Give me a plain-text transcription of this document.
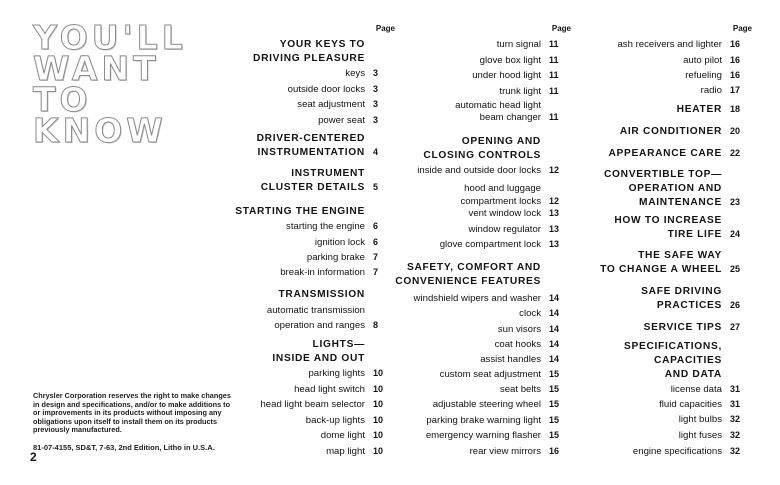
YOU'LL
WANT
TO
KNOW
Chrysler Corporation reserves the right to make changes in design and specifications, and/or to make additions to or improvements in its products without imposing any obligations upon itself to install them on its products previously manufactured.
81-07-4155, SD&T, 7-63, 2nd Edition, Litho in U.S.A.
2
Page	Page	Page
YOUR KEYS TO
DRIVING PLEASURE
keys 3
outside door locks 3
seat adjustment 3
power seat 3
DRIVER-CENTERED
INSTRUMENTATION 4
INSTRUMENT
CLUSTER DETAILS 5
STARTING THE ENGINE
starting the engine 6
ignition lock 6
parking brake 7
break-in information 7
TRANSMISSION
automatic transmission
operation and ranges 8
LIGHTS—
INSIDE AND OUT
parking lights 10
head light switch 10
head light beam selector 10
back-up lights 10
dome light 10
map light 10
turn signal 11
glove box light 11
under hood light 11
trunk light 11
automatic head light
beam changer 11
OPENING AND
CLOSING CONTROLS
inside and outside door locks 12
hood and luggage
compartment locks 12
vent window lock 13
window regulator 13
glove compartment lock 13
SAFETY, COMFORT AND
CONVENIENCE FEATURES
windshield wipers and washer 14
clock 14
sun visors 14
coat hooks 14
assist handles 14
custom seat adjustment 15
seat belts 15
adjustable steering wheel 15
parking brake warning light 15
emergency warning flasher 15
rear view mirrors 16
ash receivers and lighter 16
auto pilot 16
refueling 16
radio 17
HEATER 18
AIR CONDITIONER 20
APPEARANCE CARE 22
CONVERTIBLE TOP—
OPERATION AND
MAINTENANCE 23
HOW TO INCREASE
TIRE LIFE 24
THE SAFE WAY
TO CHANGE A WHEEL 25
SAFE DRIVING
PRACTICES 26
SERVICE TIPS 27
SPECIFICATIONS,
CAPACITIES
AND DATA
license data 31
fluid capacities 31
light bulbs 32
light fuses 32
engine specifications 32
